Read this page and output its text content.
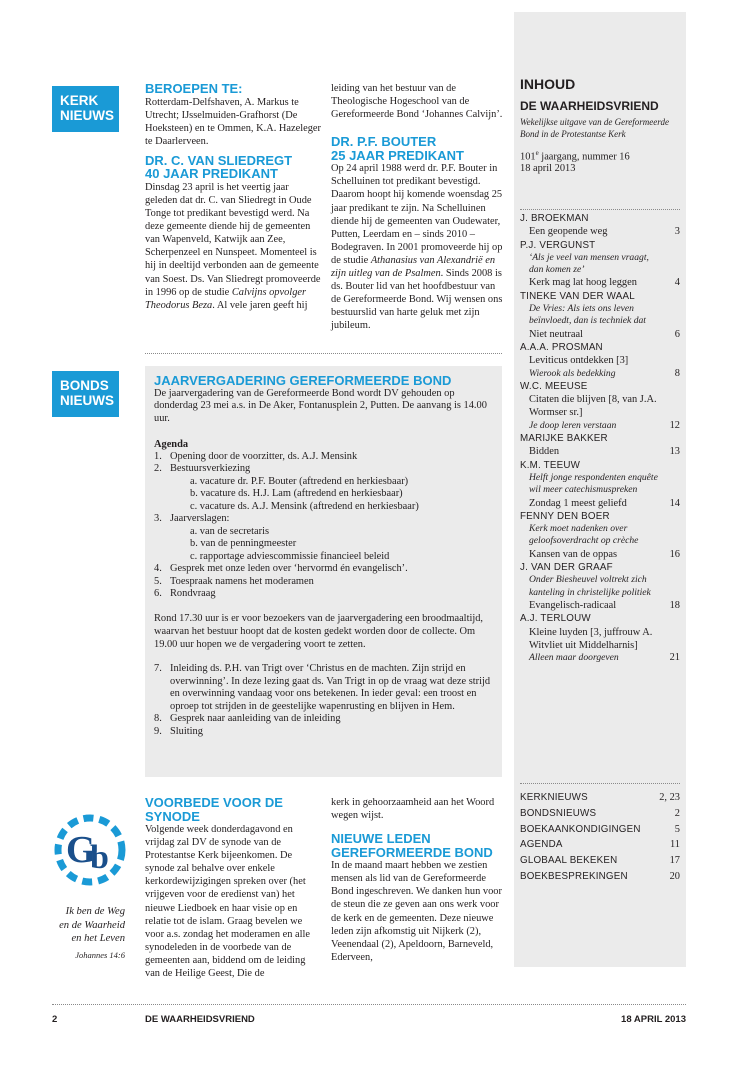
KERK
NIEUWS
BEROEPEN TE:

Rotterdam-Delfshaven, A. Markus te Utrecht; IJsselmuiden-Grafhorst (De Hoeksteen) en te Ommen, K.A. Hazeleger te Daarlerveen.

DR. C. VAN SLIEDREGT
40 JAAR PREDIKANT

Dinsdag 23 april is het veertig jaar geleden dat dr. C. van Sliedregt in Oude Tonge tot predikant bevestigd werd. Na deze gemeente diende hij de gemeenten van Wapenveld, Katwijk aan Zee, Scherpenzeel en Nunspeet. Momenteel is hij in deeltijd verbonden aan de gemeente van Soest. Ds. Van Sliedregt promoveerde in 1996 op de studie Calvijns opvolger Theodorus Beza. Al vele jaren geeft hij

leiding van het bestuur van de Theologische Hogeschool van de Gereformeerde Bond ‘Johannes Calvijn’.

DR. P.F. BOUTER
25 JAAR PREDIKANT

Op 24 april 1988 werd dr. P.F. Bouter in Schelluinen tot predikant bevestigd. Daarom hoopt hij komende woensdag 25 jaar predikant te zijn. Na Schelluinen diende hij de gemeenten van Oudewater, Putten, Leerdam en – sinds 2010 – Bodegraven. In 2001 promoveerde hij op de studie Athanasius van Alexandrië en zijn uitleg van de Psalmen. Sinds 2008 is ds. Bouter lid van het hoofdbestuur van de Gereformeerde Bond. Wij wensen ons bestuurslid van harte geluk met zijn jubileum.

BONDS
NIEUWS
JAARVERGADERING GEREFORMEERDE BOND

De jaarvergadering van de Gereformeerde Bond wordt DV gehouden op donderdag 23 mei a.s. in De Aker, Fontanusplein 2, Putten. De aanvang is 14.00 uur.

Agenda

1. Opening door de voorzitter, ds. A.J. Mensink
2. Bestuursverkiezing
a. vacature dr. P.F. Bouter (aftredend en herkiesbaar)
b. vacature ds. H.J. Lam (aftredend en herkiesbaar)
c. vacature ds. A.J. Mensink (aftredend en herkiesbaar)
3. Jaarverslagen:
a. van de secretaris
b. van de penningmeester
c. rapportage adviescommissie financieel beleid
4. Gesprek met onze leden over ‘hervormd én evangelisch’.
5. Toespraak namens het moderamen
6. Rondvraag

Rond 17.30 uur is er voor bezoekers van de jaarvergadering een broodmaaltijd, waarvan het bestuur hoopt dat de kosten gedekt worden door de collecte. Om 19.00 uur hopen we de vergadering voort te zetten.

7. Inleiding ds. P.H. van Trigt over ‘Christus en de machten. Zijn strijd en overwinning’. In deze lezing gaat ds. Van Trigt in op de vraag wat deze strijd en overwinning vandaag voor ons betekenen. In ieder geval: een troost en oproep tot strijden in de geestelijke wapenrusting en blijven in Hem.
8. Gesprek naar aanleiding van de inleiding
9. Sluiting
G
b
Ik ben de Weg
en de Waarheid
en het Leven
Johannes 14:6
VOORBEDE VOOR DE SYNODE

Volgende week donderdagavond en vrijdag zal DV de synode van de Protestantse Kerk bijeenkomen. De synode zal behalve over enkele kerkordewijzigingen spreken over (het vrijgeven voor de eredienst van) het nieuwe Liedboek en haar visie op en relatie tot de islam. Graag bevelen we voor a.s. zondag het moderamen en alle synodeleden in de voorbede van de gemeenten aan, biddend om de leiding van de Heilige Geest, Die de

kerk in gehoorzaamheid aan het Woord wegen wijst.

NIEUWE LEDEN
GEREFORMEERDE BOND

In de maand maart hebben we zestien mensen als lid van de Gereformeerde Bond ingeschreven. We danken hun voor de steun die ze geven aan ons werk voor de kerk en de gemeenten. Deze nieuwe leden zijn afkomstig uit Nijkerk (2), Veenendaal (2), Apeldoorn, Barneveld, Ederveen,

INHOUD
DE WAARHEIDSVRIEND
Wekelijkse uitgave van de Gereformeerde Bond in de Protestantse Kerk
101e jaargang, nummer 16
18 april 2013
J. BROEKMAN
Een geopende weg	3
P.J. VERGUNST
‘Als je veel van mensen vraagt, dan komen ze’
Kerk mag lat hoog leggen	4
TINEKE VAN DER WAAL
De Vries: Als iets ons leven beïnvloedt, dan is techniek dat
Niet neutraal	6
A.A.A. PROSMAN
Leviticus ontdekken [3]
Wierook als bedekking	8
W.C. MEEUSE
Citaten die blijven [8, van J.A. Wormser sr.]
Je doop leren verstaan	12
MARIJKE BAKKER
Bidden	13
K.M. TEEUW
Helft jonge respondenten enquête wil meer catechismuspreken
Zondag 1 meest geliefd	14
FENNY DEN BOER
Kerk moet nadenken over geloofsoverdracht op crèche
Kansen van de oppas	16
J. VAN DER GRAAF
Onder Biesheuvel voltrekt zich kanteling in christelijke politiek
Evangelisch-radicaal	18
A.J. TERLOUW
Kleine luyden [3, juffrouw A. Witvliet uit Middelharnis]
Alleen maar doorgeven	21
KERKNIEUWS	2, 23
BONDSNIEUWS	2
BOEKAANKONDIGINGEN	5
AGENDA	11
GLOBAAL BEKEKEN	17
BOEKBESPREKINGEN	20
2	DE WAARHEIDSVRIEND	18 APRIL 2013
